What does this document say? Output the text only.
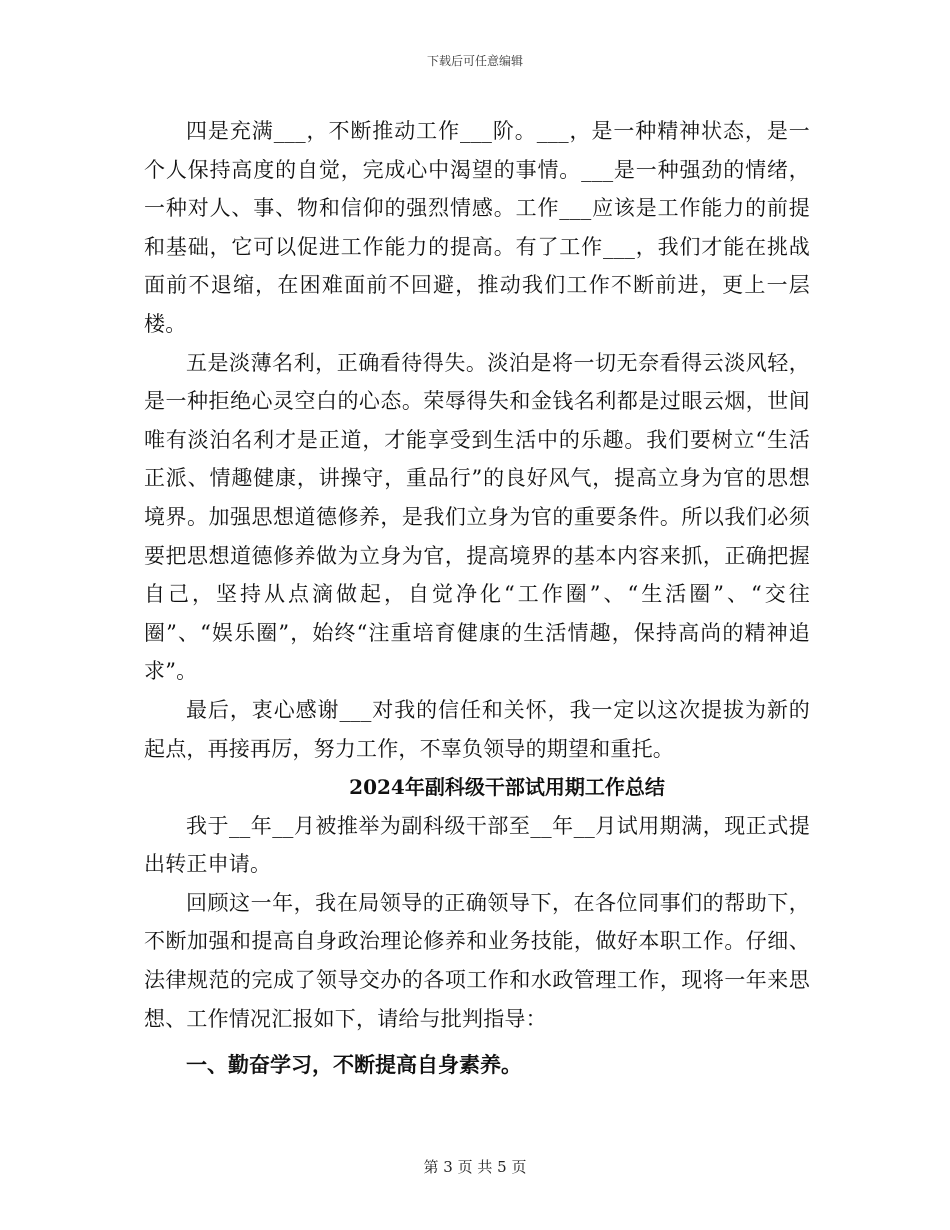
下载后可任意编辑

四是充满___，不断推动工作___阶。___，是一种精神状态，是一个人保持高度的自觉，完成心中渴望的事情。___是一种强劲的情绪，一种对人、事、物和信仰的强烈情感。工作___应该是工作能力的前提和基础，它可以促进工作能力的提高。有了工作___，我们才能在挑战面前不退缩，在困难面前不回避，推动我们工作不断前进，更上一层楼。

五是淡薄名利，正确看待得失。淡泊是将一切无奈看得云淡风轻，是一种拒绝心灵空白的心态。荣辱得失和金钱名利都是过眼云烟，世间唯有淡泊名利才是正道，才能享受到生活中的乐趣。我们要树立“生活正派、情趣健康，讲操守，重品行”的良好风气，提高立身为官的思想境界。加强思想道德修养，是我们立身为官的重要条件。所以我们必须要把思想道德修养做为立身为官，提高境界的基本内容来抓，正确把握自己，坚持从点滴做起，自觉净化“工作圈”、“生活圈”、“交往圈”、“娱乐圈”，始终“注重培育健康的生活情趣，保持高尚的精神追求”。

最后，衷心感谢___对我的信任和关怀，我一定以这次提拔为新的起点，再接再厉，努力工作，不辜负领导的期望和重托。

2024年副科级干部试用期工作总结

我于__年__月被推举为副科级干部至__年__月试用期满，现正式提出转正申请。

回顾这一年，我在局领导的正确领导下，在各位同事们的帮助下，不断加强和提高自身政治理论修养和业务技能，做好本职工作。仔细、法律规范的完成了领导交办的各项工作和水政管理工作，现将一年来思想、工作情况汇报如下，请给与批判指导：

一、勤奋学习，不断提高自身素养。

第 3 页 共 5 页
